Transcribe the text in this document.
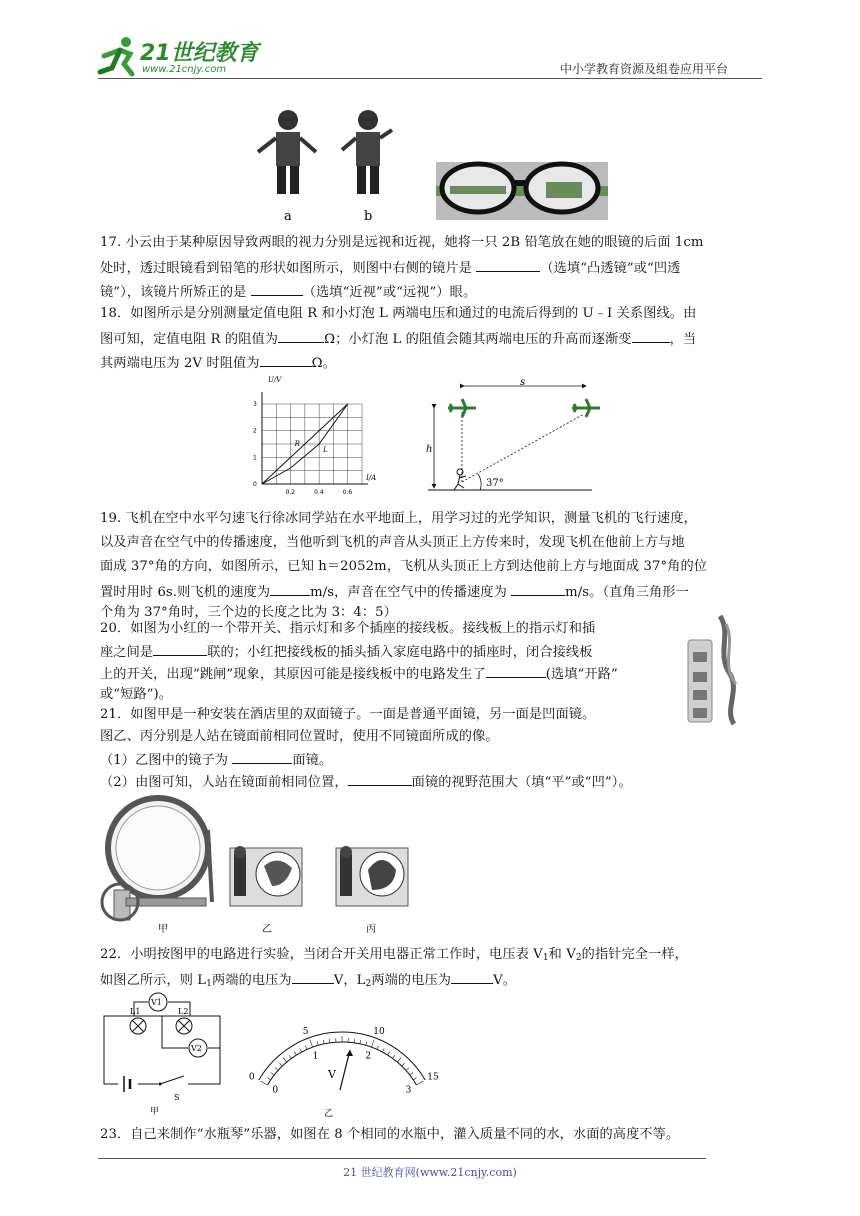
21世纪教育
www.21cnjy.com	中小学教育资源及组卷应用平台
a	b
17. 小云由于某种原因导致两眼的视力分别是远视和近视，她将一只 2B 铅笔放在她的眼镜的后面 1cm
处时，透过眼镜看到铅笔的形状如图所示，则图中右侧的镜片是	（选填“凸透镜”或“凹透
镜”），该镜片所矫正的是	（选填“近视”或“远视”）眼。
18．如图所示是分别测量定值电阻 R 和小灯泡 L 两端电压和通过的电流后得到的 U﹣I 关系图线。由
图可知，定值电阻 R 的阻值为	Ω；小灯泡 L 的阻值会随其两端电压的升高而逐渐变	，当
其两端电压为 2V 时阻值为	Ω。
0.2	0.4	0.6
0
1
2
3
R
L
U/V
I/A
s
h
37°
19. 飞机在空中水平匀速飞行徐冰同学站在水平地面上，用学习过的光学知识，测量飞机的飞行速度，
以及声音在空气中的传播速度，当他听到飞机的声音从头顶正上方传来时，发现飞机在他前上方与地
面成 37°角的方向，如图所示，已知 h＝2052m，飞机从头顶正上方到达他前上方与地面成 37°角的位
置时用时 6s.则飞机的速度为	m/s，声音在空气中的传播速度为	m/s。（直角三角形一
个角为 37°角时，三个边的长度之比为 3：4：5）
20．如图为小红的一个带开关、指示灯和多个插座的接线板。接线板上的指示灯和插
座之间是	联的；小红把接线板的插头插入家庭电路中的插座时，闭合接线板
上的开关，出现“跳闸”现象，其原因可能是接线板中的电路发生了	(选填“开路”
或“短路”)。
21．如图甲是一种安装在酒店里的双面镜子。一面是普通平面镜，另一面是凹面镜。
图乙、丙分别是人站在镜面前相同位置时，使用不同镜面所成的像。
（1）乙图中的镜子为	面镜。
（2）由图可知，人站在镜面前相同位置，	面镜的视野范围大（填“平”或“凹”）。
甲	乙	丙
22．小明按图甲的电路进行实验，当闭合开关用电器正常工作时，电压表 $V_1$和 $V_2$的指针完全一样，
如图乙所示，则 $L_1$两端的电压为	V，$L_2$两端的电压为	V。
V1
L1	L2
V2
S
甲
0
5	10
15
0
1	2
3
V
乙
23．自己来制作“水瓶琴”乐器，如图在 8 个相同的水瓶中，灌入质量不同的水，水面的高度不等。
21 世纪教育网(www.21cnjy.com)
